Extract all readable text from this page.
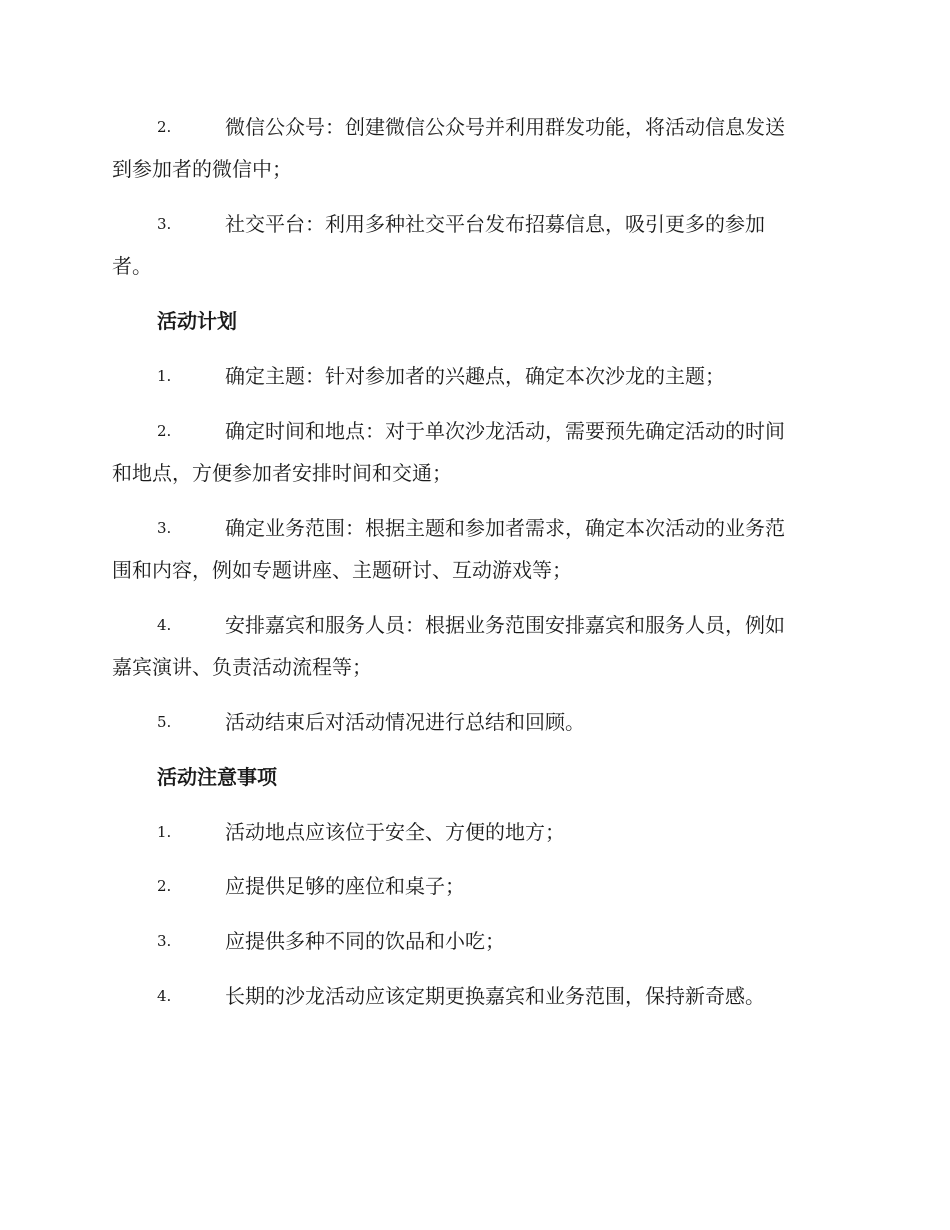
2.	微信公众号：创建微信公众号并利用群发功能，将活动信息发送
到参加者的微信中；
3.	社交平台：利用多种社交平台发布招募信息，吸引更多的参加
者。
活动计划
1.	确定主题：针对参加者的兴趣点，确定本次沙龙的主题；
2.	确定时间和地点：对于单次沙龙活动，需要预先确定活动的时间
和地点，方便参加者安排时间和交通；
3.	确定业务范围：根据主题和参加者需求，确定本次活动的业务范
围和内容，例如专题讲座、主题研讨、互动游戏等；
4.	安排嘉宾和服务人员：根据业务范围安排嘉宾和服务人员，例如
嘉宾演讲、负责活动流程等；
5.	活动结束后对活动情况进行总结和回顾。
活动注意事项
1.	活动地点应该位于安全、方便的地方；
2.	应提供足够的座位和桌子；
3.	应提供多种不同的饮品和小吃；
4.	长期的沙龙活动应该定期更换嘉宾和业务范围，保持新奇感。
